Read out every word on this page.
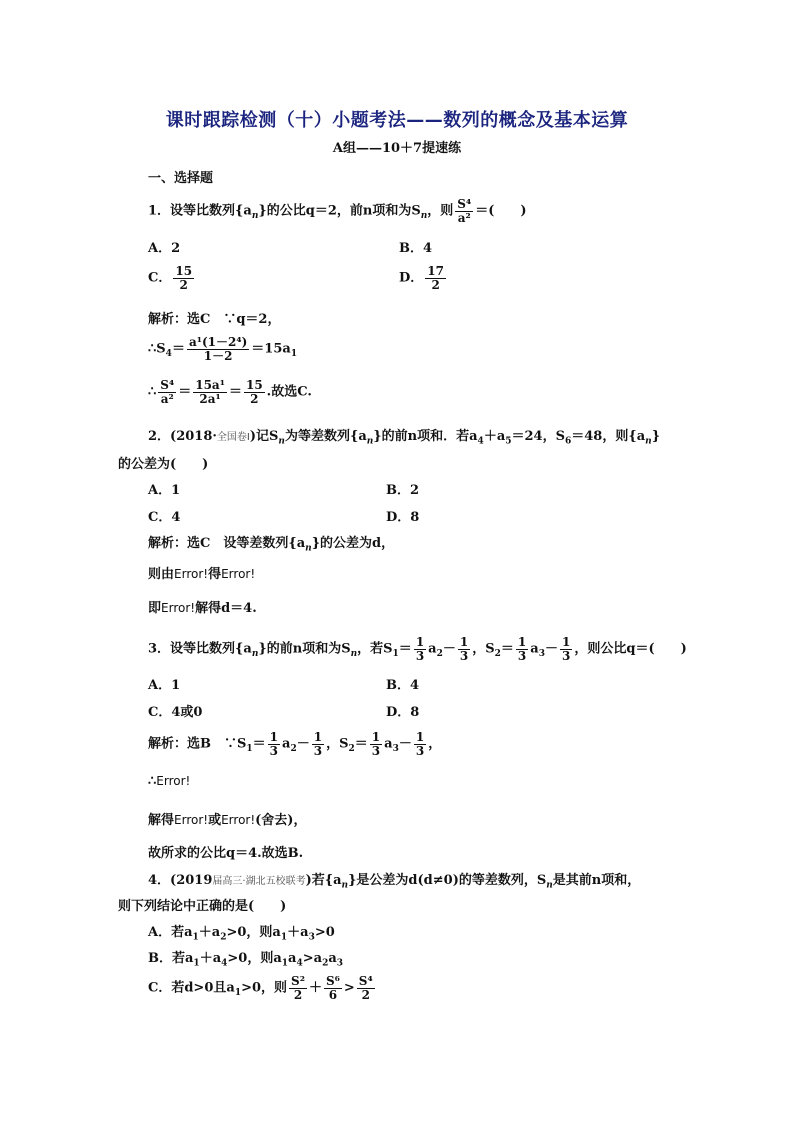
课时跟踪检测（十）小题考法——数列的概念及基本运算
A组——10＋7提速练
一、选择题
1．设等比数列$\{a_n\}$的公比q＝2，前n项和为$S_n$，则 $\frac{\text{S⁴}}{\text{a²}}$ ＝(　　)
A．2	B．4
C． $\frac{15}{2}$	D． $\frac{17}{2}$
解析：选C　∵q＝2，
$\therefore S_4= \frac{\text{a¹(1－2⁴)}}{1-2} =15a_1$
∴ $\frac{\text{S⁴}}{\text{a²}} = \frac{\text{15a¹}}{\text{2a¹}} = \frac{15}{2}$ .故选C.
2．(2018·全国卷Ⅰ)记$S_n$为等差数列$\{a_n\}$的前n项和．若$a_4+a_5=24$，$S_6=48$，则$\{a_n\}$
的公差为(　　)
A．1	B．2
C．4	D．8
解析：选C　设等差数列$\{a_n\}$的公差为d，
则由Error!得Error!
即Error!解得d＝4.
3．设等比数列$\{a_n\}$的前n项和为$S_n$，若$S_1= \frac{1}{3} a_2- \frac{1}{3}$ ，$S_2= \frac{1}{3} a_3- \frac{1}{3}$ ，则公比q＝(　　)
A．1	B．4
C．4或0	D．8
解析：选B　$\because S_1= \frac{1}{3} a_2- \frac{1}{3}$ ，$S_2= \frac{1}{3} a_3- \frac{1}{3}$ ，
∴Error!
解得Error!或Error!(舍去)，
故所求的公比q＝4.故选B.
4．(2019届高三·湖北五校联考)若$\{a_n\}$是公差为d(d≠0)的等差数列，$S_n$是其前n项和，
则下列结论中正确的是(　　)
A．若$a_1+a_2>0$，则$a_1+a_3>0$
B．若$a_1+a_4>0$，则$a_1a_4>a_2a_3$
C．若d>0且$a_1>0$，则 $\frac{\text{S²}}{2} + \frac{\text{S⁶}}{6} > \frac{\text{S⁴}}{2}$
